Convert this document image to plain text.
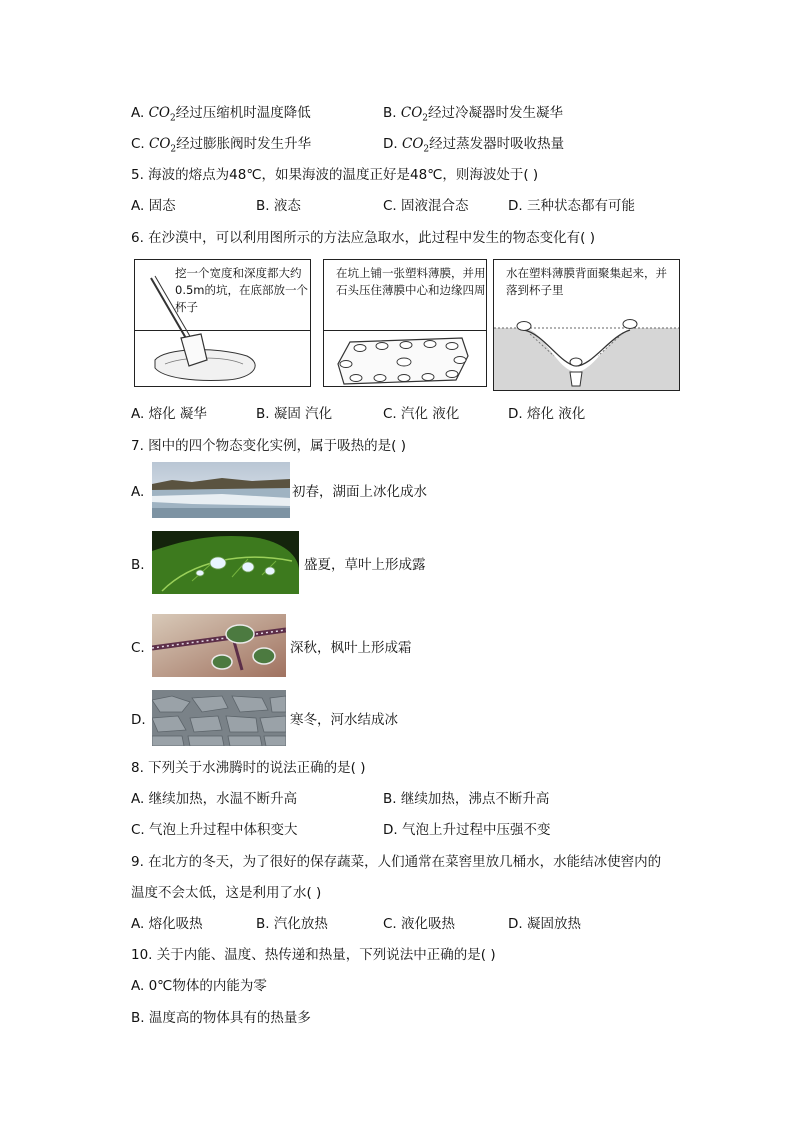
A. $CO_2$经过压缩机时温度降低	B. $CO_2$经过冷凝器时发生凝华
C. $CO_2$经过膨胀阀时发生升华	D. $CO_2$经过蒸发器时吸收热量
5. 海波的熔点为48℃，如果海波的温度正好是48℃，则海波处于( )
A. 固态	B. 液态	C. 固液混合态	D. 三种状态都有可能
6. 在沙漠中，可以利用图所示的方法应急取水，此过程中发生的物态变化有( )
挖一个宽度和深度都大约0.5m的坑，在底部放一个杯子
在坑上铺一张塑料薄膜，并用石头压住薄膜中心和边缘四周
水在塑料薄膜背面聚集起来，并落到杯子里
A. 熔化 凝华	B. 凝固 汽化	C. 汽化 液化	D. 熔化 液化
7. 图中的四个物态变化实例，属于吸热的是( )
A.	初春，湖面上冰化成水
B.	盛夏，草叶上形成露
C.	深秋，枫叶上形成霜
D.	寒冬，河水结成冰
8. 下列关于水沸腾时的说法正确的是( )
A. 继续加热，水温不断升高	B. 继续加热，沸点不断升高
C. 气泡上升过程中体积变大	D. 气泡上升过程中压强不变
9. 在北方的冬天，为了很好的保存蔬菜，人们通常在菜窖里放几桶水，水能结冰使窖内的
温度不会太低，这是利用了水( )
A. 熔化吸热	B. 汽化放热	C. 液化吸热	D. 凝固放热
10. 关于内能、温度、热传递和热量，下列说法中正确的是( )
A. 0℃物体的内能为零
B. 温度高的物体具有的热量多
